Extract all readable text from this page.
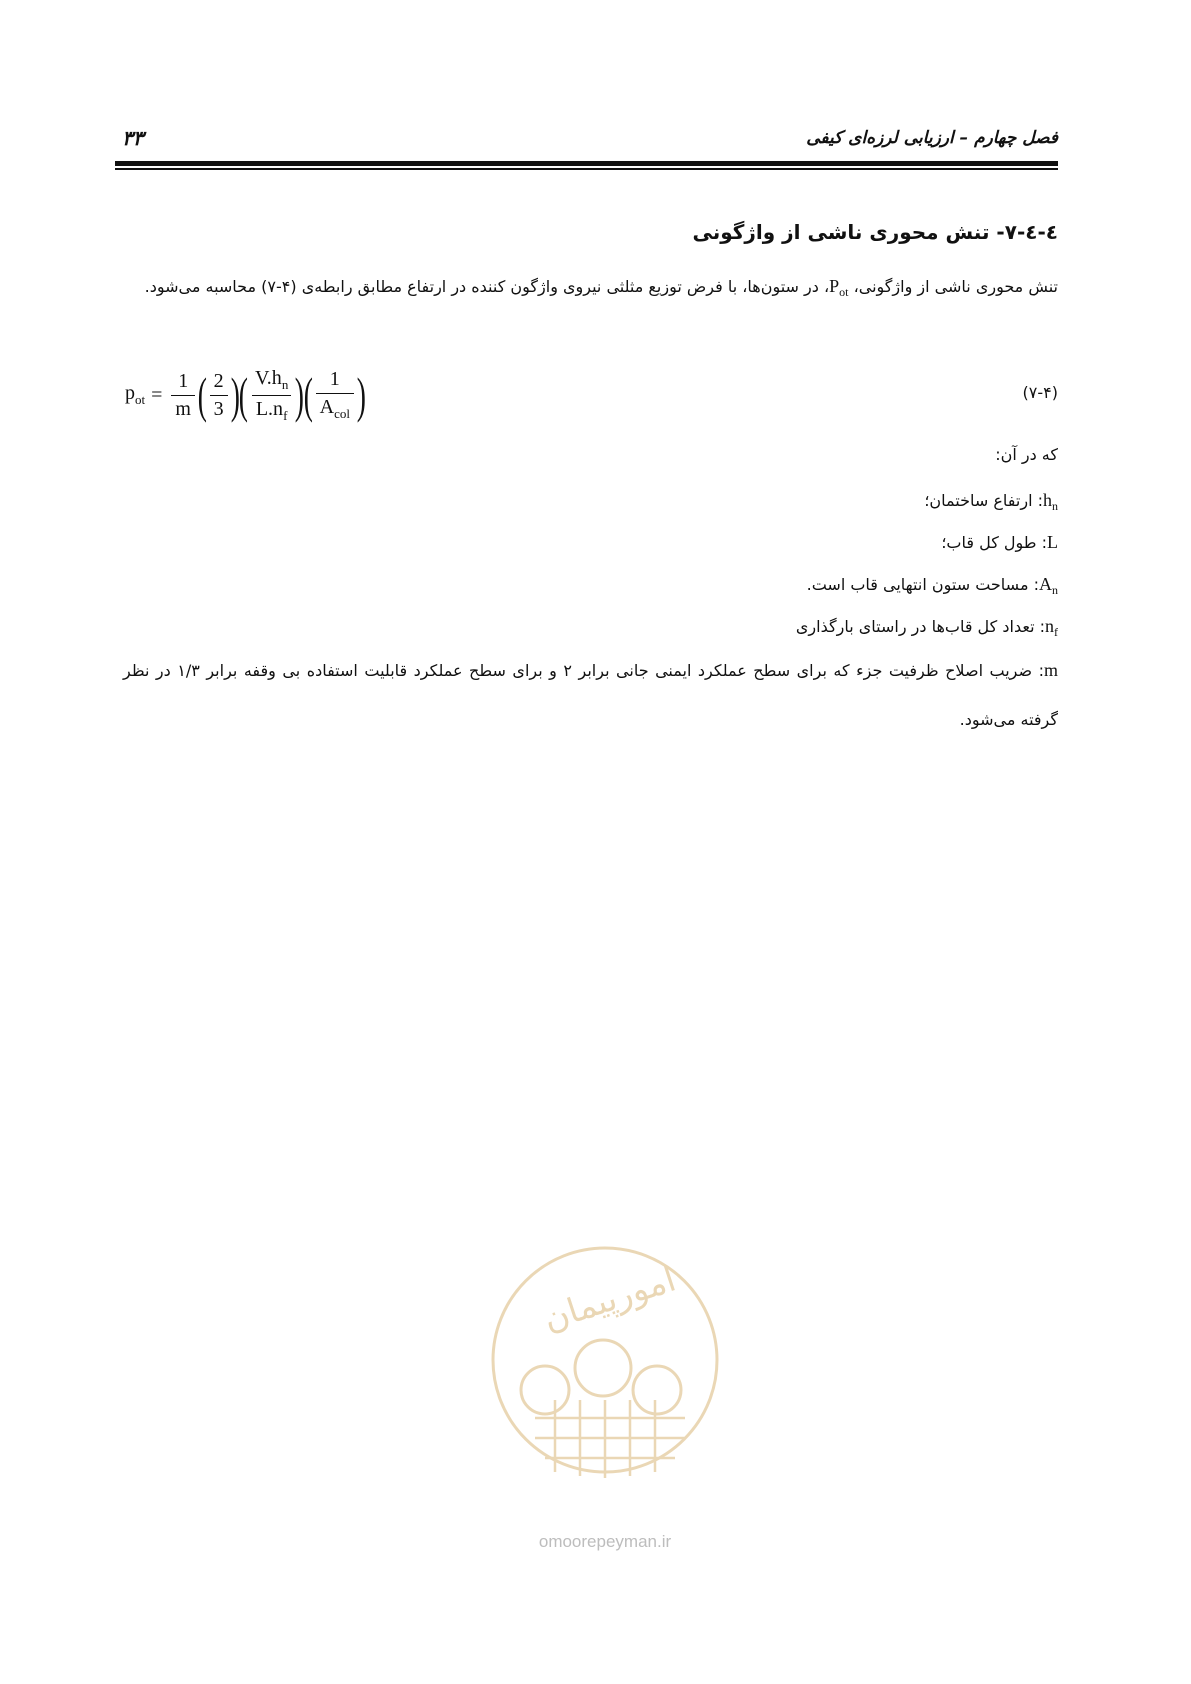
فصل چهارم – ارزیابی لرزه‌ای کیفی
۳۳
٤-٤-٧- تنش محوری ناشی از واژگونی
تنش محوری ناشی از واژگونی، $P_{ot}،$ در ستون‌ها، با فرض توزیع مثلثی نیروی واژگون کننده در ارتفاع مطابق رابطه‌ی (۴-۷) محاسبه می‌شود.
$p_{ot} = \frac{1}{m}$ ( $\frac{2}{3}$ ) ( $\frac{V.h_n}{L.n_f}$ ) ( $\frac{1}{A_{col}}$ )	(۷-۴)
که در آن:
$h_n$: ارتفاع ساختمان؛
L: طول کل قاب؛
$A_n$: مساحت ستون انتهایی قاب است.
$n_f$: تعداد کل قاب‌ها در راستای بارگذاری
m: ضریب اصلاح ظرفیت جزء که برای سطح عملکرد ایمنی جانی برابر ۲ و برای سطح عملکرد قابلیت استفاده بی وقفه برابر ۱/۳ در نظر گرفته می‌شود.
امورپیمان
omoorepeyman.ir
